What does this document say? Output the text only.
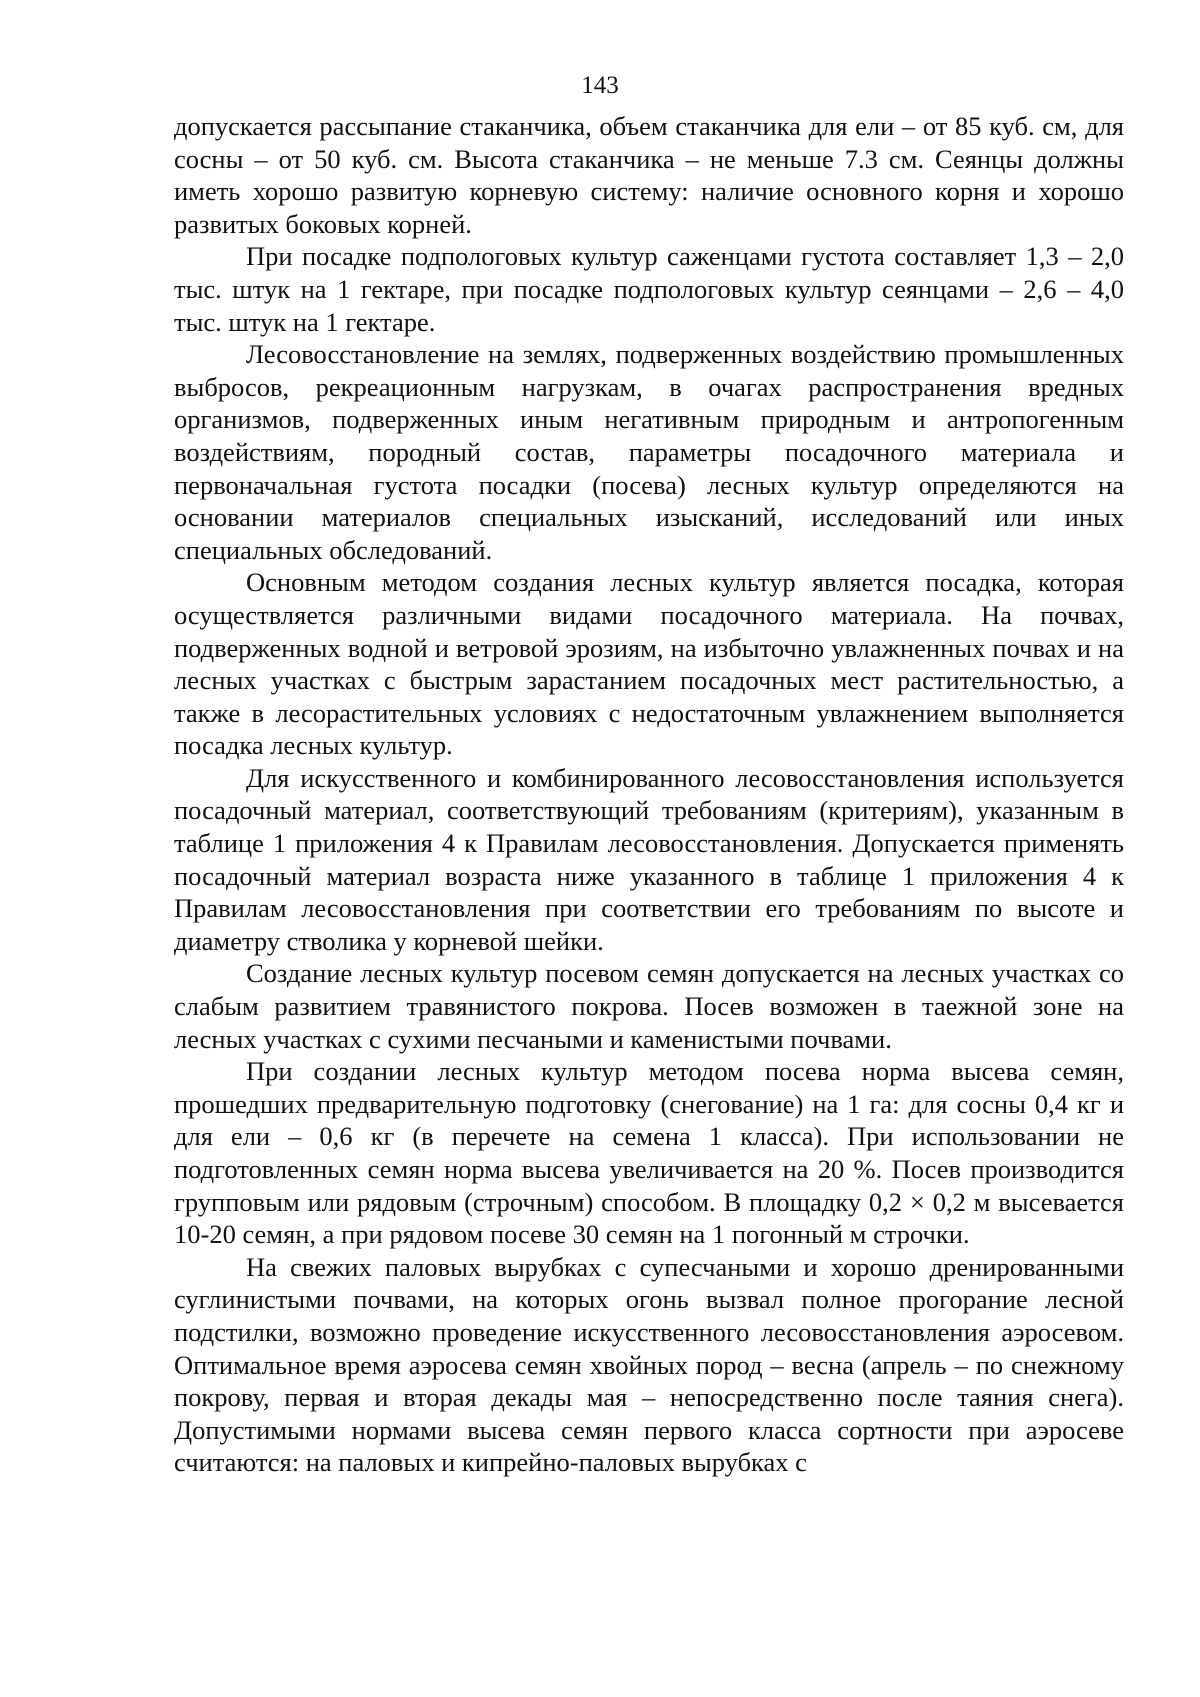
143

допускается рассыпание стаканчика, объем стаканчика для ели – от 85 куб. см, для сосны – от 50 куб. см. Высота стаканчика – не меньше 7.3 см. Сеянцы должны иметь хорошо развитую корневую систему: наличие основного корня и хорошо развитых боковых корней.

При посадке подпологовых культур саженцами густота составляет 1,3 – 2,0 тыс. штук на 1 гектаре, при посадке подпологовых культур сеянцами – 2,6 – 4,0 тыс. штук на 1 гектаре.

Лесовосстановление на землях, подверженных воздействию промышленных выбросов, рекреационным нагрузкам, в очагах распространения вредных организмов, подверженных иным негативным природным и антропогенным воздействиям, породный состав, параметры посадочного материала и первоначальная густота посадки (посева) лесных культур определяются на основании материалов специальных изысканий, исследований или иных специальных обследований.

Основным методом создания лесных культур является посадка, которая осуществляется различными видами посадочного материала. На почвах, подверженных водной и ветровой эрозиям, на избыточно увлажненных почвах и на лесных участках с быстрым зарастанием посадочных мест растительностью, а также в лесорастительных условиях с недостаточным увлажнением выполняется посадка лесных культур.

Для искусственного и комбинированного лесовосстановления используется посадочный материал, соответствующий требованиям (критериям), указанным в таблице 1 приложения 4 к Правилам лесовосстановления. Допускается применять посадочный материал возраста ниже указанного в таблице 1 приложения 4 к Правилам лесовосстановления при соответствии его требованиям по высоте и диаметру стволика у корневой шейки.

Создание лесных культур посевом семян допускается на лесных участках со слабым развитием травянистого покрова. Посев возможен в таежной зоне на лесных участках с сухими песчаными и каменистыми почвами.

При создании лесных культур методом посева норма высева семян, прошедших предварительную подготовку (снегование) на 1 га: для сосны 0,4 кг и для ели – 0,6 кг (в перечете на семена 1 класса). При использовании не подготовленных семян норма высева увеличивается на 20 %. Посев производится групповым или рядовым (строчным) способом. В площадку 0,2 × 0,2 м высевается 10-20 семян, а при рядовом посеве 30 семян на 1 погонный м строчки.

На свежих паловых вырубках с супесчаными и хорошо дренированными суглинистыми почвами, на которых огонь вызвал полное прогорание лесной подстилки, возможно проведение искусственного лесовосстановления аэросевом. Оптимальное время аэросева семян хвойных пород – весна (апрель – по снежному покрову, первая и вторая декады мая – непосредственно после таяния снега). Допустимыми нормами высева семян первого класса сортности при аэросеве считаются: на паловых и кипрейно-паловых вырубках с
